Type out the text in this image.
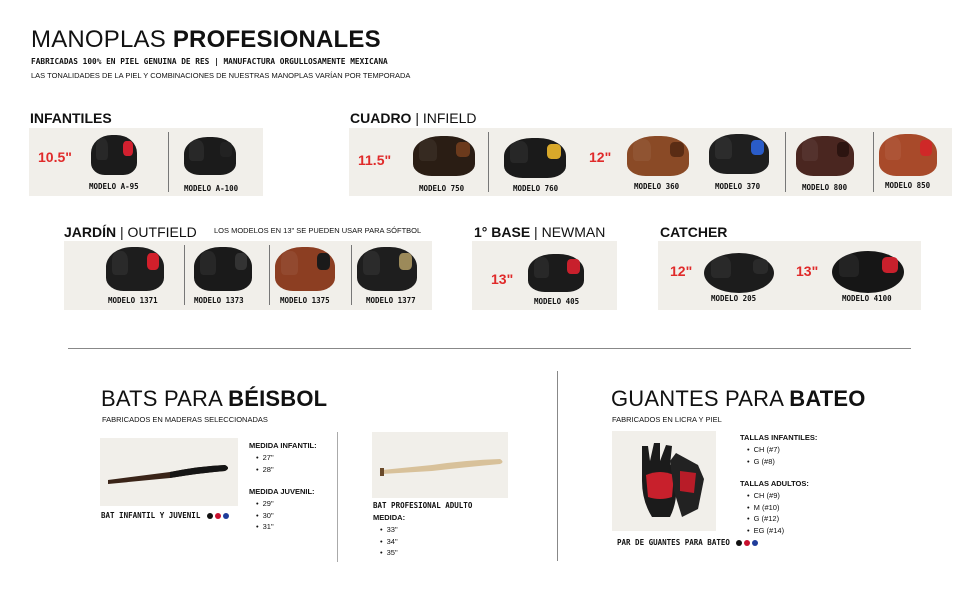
MANOPLAS PROFESIONALES
FABRICADAS 100% EN PIEL GENUINA DE RES | MANUFACTURA ORGULLOSAMENTE MEXICANA
LAS TONALIDADES DE LA PIEL Y COMBINACIONES DE NUESTRAS MANOPLAS VARÍAN POR TEMPORADA
INFANTILES
10.5"
MODELO A-95	MODELO A-100
CUADRO | INFIELD
11.5"
MODELO 750	MODELO 760
12"
MODELO 360	MODELO 370	MODELO 800	MODELO 850
JARDÍN | OUTFIELD LOS MODELOS EN 13" SE PUEDEN USAR PARA SÓFTBOL
MODELO 1371	MODELO 1373	MODELO 1375	MODELO 1377
1° BASE | NEWMAN
13"
MODELO 405
CATCHER
12"
MODELO 205
13"
MODELO 4100
BATS PARA BÉISBOL
FABRICADOS EN MADERAS SELECCIONADAS
BAT INFANTIL Y JUVENIL
MEDIDA INFANTIL:
• 27"
• 28"
MEDIDA JUVENIL:
• 29"
• 30"
• 31"
BAT PROFESIONAL ADULTO
MEDIDA:
• 33"
• 34"
• 35"
GUANTES PARA BATEO
FABRICADOS EN LICRA Y PIEL
PAR DE GUANTES PARA BATEO
TALLAS INFANTILES:
• CH (#7)
• G (#8)
TALLAS ADULTOS:
• CH (#9)
• M (#10)
• G (#12)
• EG (#14)
